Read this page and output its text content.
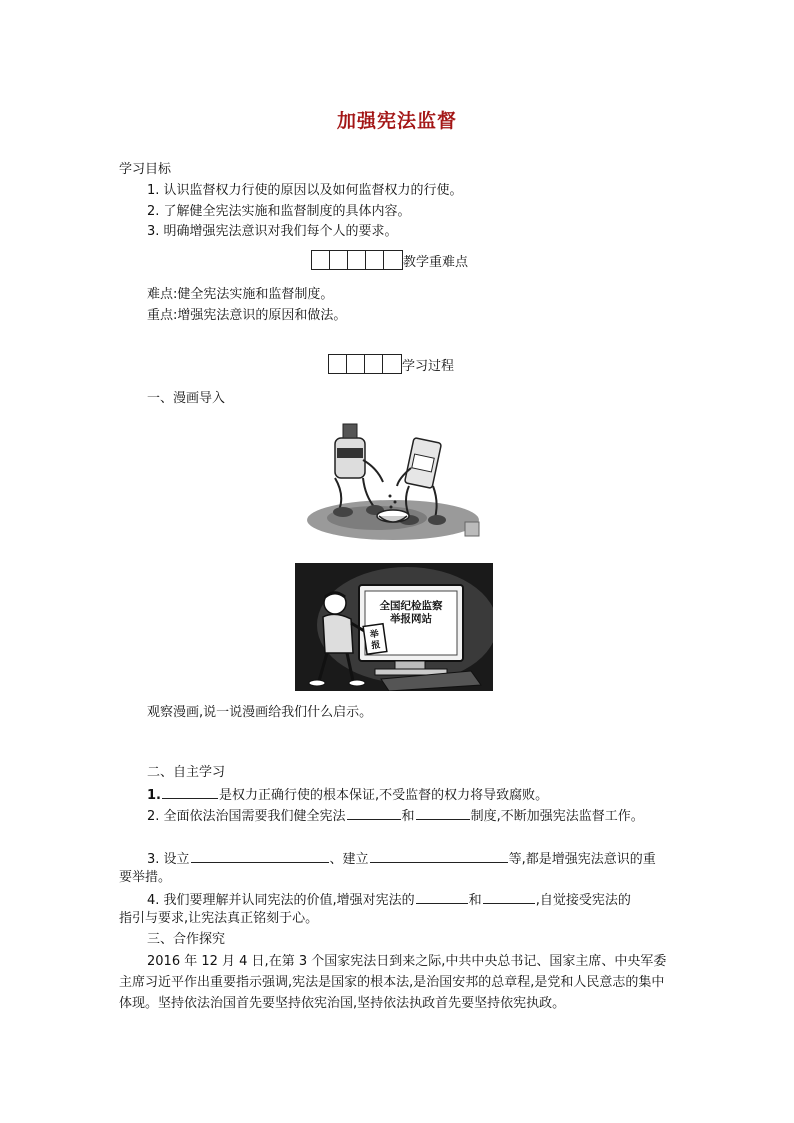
加强宪法监督
学习目标
1. 认识监督权力行使的原因以及如何监督权力的行使。
2. 了解健全宪法实施和监督制度的具体内容。
3. 明确增强宪法意识对我们每个人的要求。
教学重难点
难点:健全宪法实施和监督制度。
重点:增强宪法意识的原因和做法。
学习过程
一、漫画导入
全国纪检监察举报网站
举报
观察漫画,说一说漫画给我们什么启示。
二、自主学习
1.	是权力正确行使的根本保证,不受监督的权力将导致腐败。
2. 全面依法治国需要我们健全宪法	和	制度,不断加强宪法监督工作。
3. 设立	、建立	等,都是增强宪法意识的重
要举措。
4. 我们要理解并认同宪法的价值,增强对宪法的	和	,自觉接受宪法的
指引与要求,让宪法真正铭刻于心。
三、合作探究
2016 年 12 月 4 日,在第 3 个国家宪法日到来之际,中共中央总书记、国家主席、中央军委主席习近平作出重要指示强调,宪法是国家的根本法,是治国安邦的总章程,是党和人民意志的集中体现。坚持依法治国首先要坚持依宪治国,坚持依法执政首先要坚持依宪执政。
